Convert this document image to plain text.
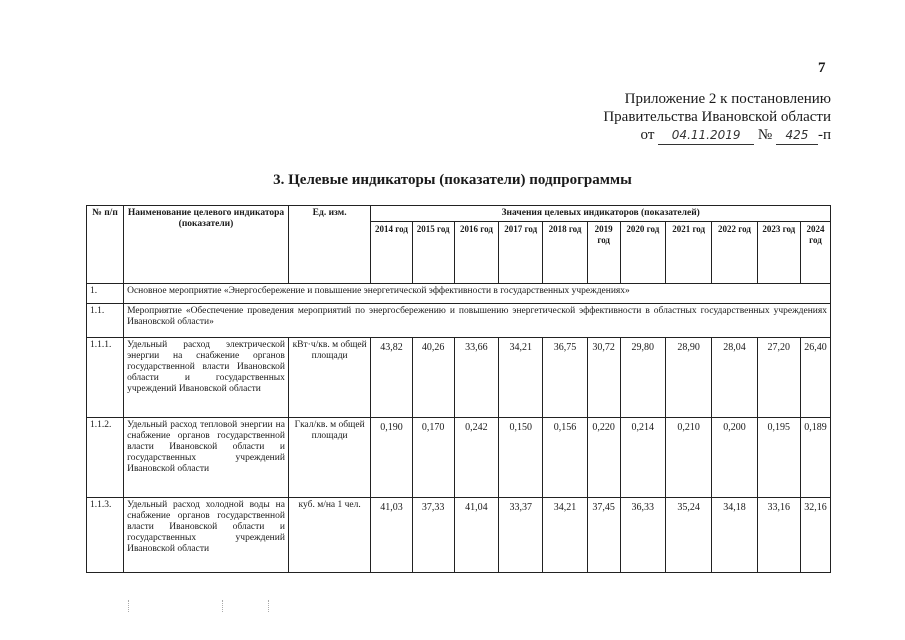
7
Приложение 2 к постановлению
Правительства Ивановской области
от 04.11.2019 № 425 -п
3. Целевые индикаторы (показатели) подпрограммы
№ п/п	Наименование целевого индикатора (показатели)	Ед. изм.	Значения целевых индикаторов (показателей)										
			2014 год	2015 год	2016 год	2017 год	2018 год	2019 год	2020 год	2021 год	2022 год	2023 год	2024 год
1.	Основное мероприятие «Энергосбережение и повышение энергетической эффективности в государственных учреждениях»												
1.1.	Мероприятие «Обеспечение проведения мероприятий по энергосбережению и повышению энергетической эффективности в областных государственных учреждениях Ивановской области»												
1.1.1.	Удельный расход электрической энергии на снабжение органов государственной власти Ивановской области и государственных учреждений Ивановской области	кВт·ч/кв. м общей площади	43,82	40,26	33,66	34,21	36,75	30,72	29,80	28,90	28,04	27,20	26,40
1.1.2.	Удельный расход тепловой энергии на снабжение органов государственной власти Ивановской области и государственных учреждений Ивановской области	Гкал/кв. м общей площади	0,190	0,170	0,242	0,150	0,156	0,220	0,214	0,210	0,200	0,195	0,189
1.1.3.	Удельный расход холодной воды на снабжение органов государственной власти Ивановской области и государственных учреждений Ивановской области	куб. м/на 1 чел.	41,03	37,33	41,04	33,37	34,21	37,45	36,33	35,24	34,18	33,16	32,16
